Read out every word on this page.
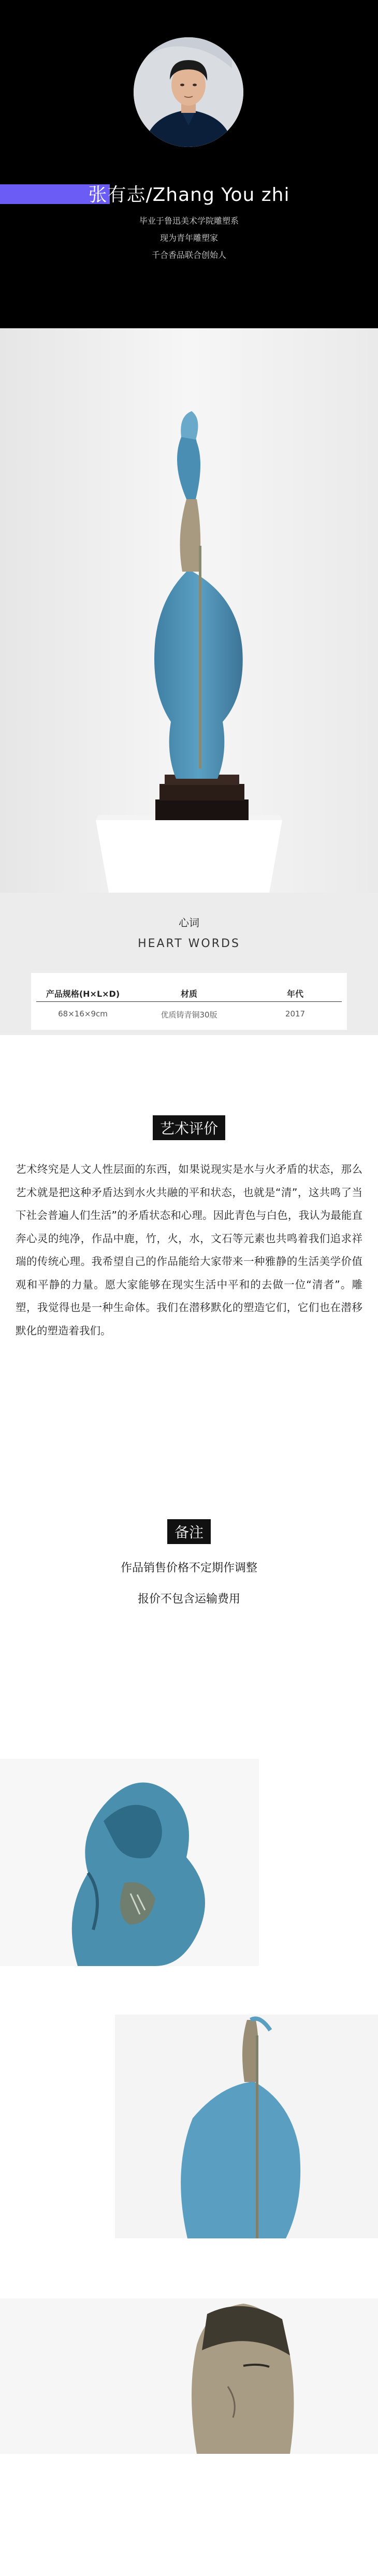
张有志/Zhang You zhi
毕业于鲁迅美术学院雕塑系
现为青年雕塑家
千合香品联合创始人
心词
HEART WORDS
产品规格(H×L×D)
68×16×9cm
材质
优质铸青铜30版
年代
2017
艺术评价
艺术终究是人文人性层面的东西，如果说现实是水与火矛盾的状态，那么艺术就是把这种矛盾达到水火共融的平和状态，也就是“清”，这共鸣了当下社会普遍人们生活”的矛盾状态和心理。因此青色与白色，我认为最能直奔心灵的纯净，作品中鹿，竹，火，水，文石等元素也共鸣着我们追求祥瑞的传统心理。我希望自己的作品能给大家带来一种雅静的生活美学价值观和平静的力量。愿大家能够在现实生活中平和的去做一位“清者”。雕塑，我觉得也是一种生命体。我们在潜移默化的塑造它们，它们也在潜移默化的塑造着我们。
备注
作品销售价格不定期作调整
报价不包含运输费用
